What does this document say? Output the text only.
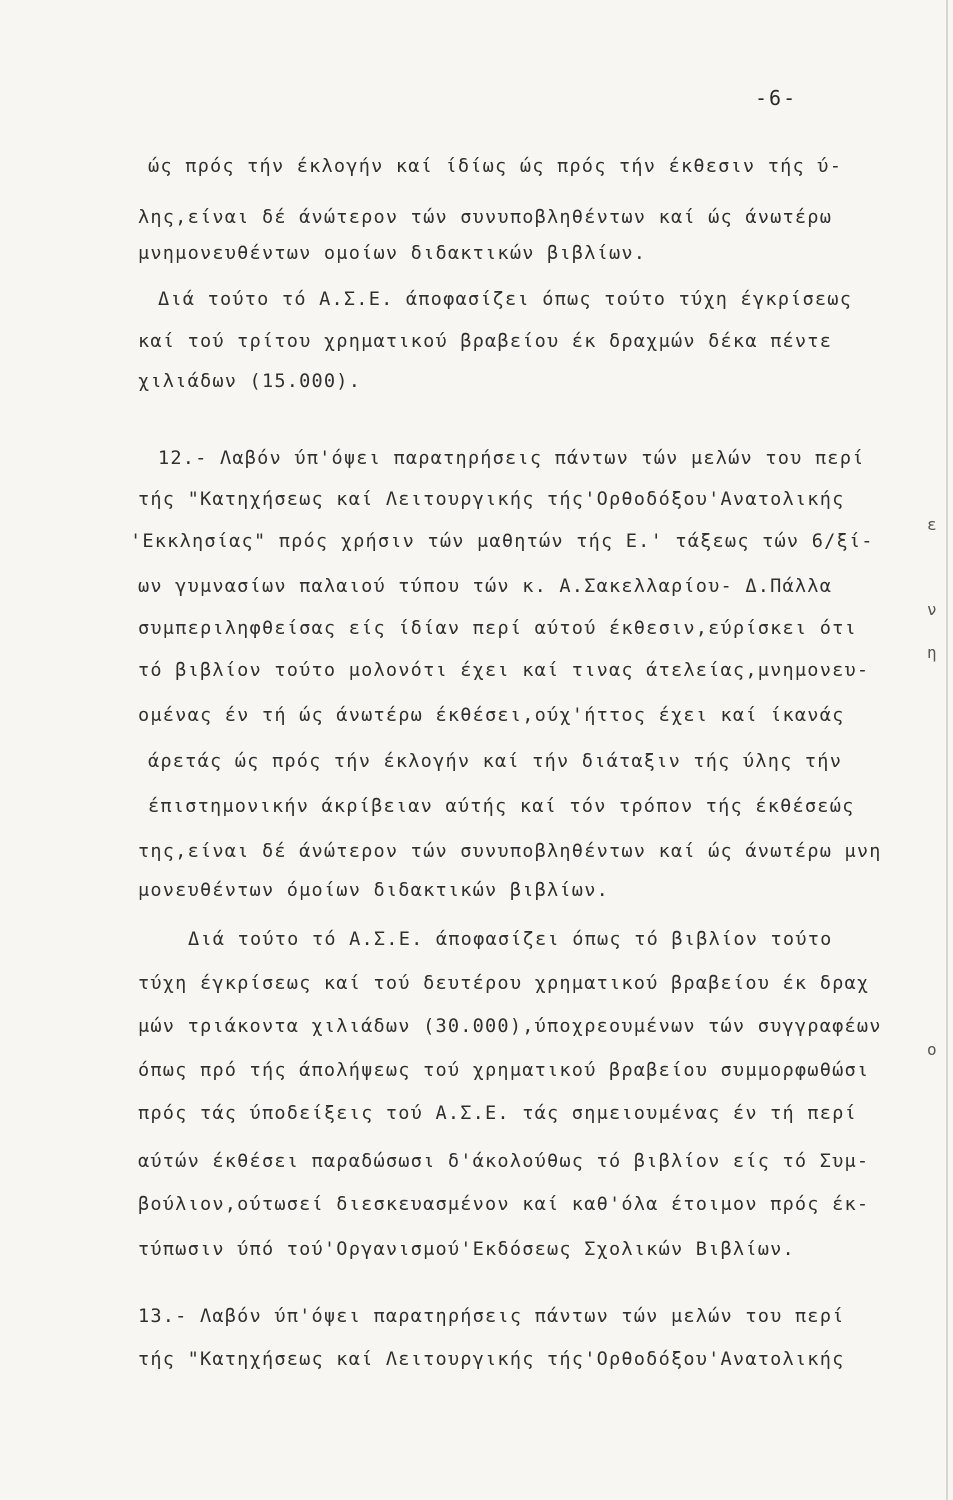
-6-
ώς πρός τήν έκλογήν καί ίδίως ώς πρός τήν έκθεσιν τής ύ-
λης,είναι δέ άνώτερον τών συνυποβληθέντων καί ώς άνωτέρω
μνημονευθέντων ομοίων διδακτικών βιβλίων.
Διά τούτο τό Α.Σ.Ε. άποφασίζει όπως τούτο τύχη έγκρίσεως
καί τού τρίτου χρηματικού βραβείου έκ δραχμών δέκα πέντε
χιλιάδων (15.000).
12.- Λαβόν ύπ'όψει παρατηρήσεις πάντων τών μελών του περί
τής "Κατηχήσεως καί Λειτουργικής τής'Ορθοδόξου'Ανατολικής
'Εκκλησίας" πρός χρήσιν τών μαθητών τής Ε.' τάξεως τών 6/ξί-
ων γυμνασίων παλαιού τύπου τών κ. Α.Σακελλαρίου- Δ.Πάλλα
συμπεριληφθείσας είς ίδίαν περί αύτού έκθεσιν,εύρίσκει ότι
τό βιβλίον τούτο μολονότι έχει καί τινας άτελείας,μνημονευ-
ομένας έν τή ώς άνωτέρω έκθέσει,ούχ'ήττος έχει καί ίκανάς
άρετάς ώς πρός τήν έκλογήν καί τήν διάταξιν τής ύλης τήν
έπιστημονικήν άκρίβειαν αύτής καί τόν τρόπον τής έκθέσεώς
της,είναι δέ άνώτερον τών συνυποβληθέντων καί ώς άνωτέρω μνη
μονευθέντων όμοίων διδακτικών βιβλίων.
Διά τούτο τό Α.Σ.Ε. άποφασίζει όπως τό βιβλίον τούτο
τύχη έγκρίσεως καί τού δευτέρου χρηματικού βραβείου έκ δραχ
μών τριάκοντα χιλιάδων (30.000),ύποχρεουμένων τών συγγραφέων
όπως πρό τής άπολήψεως τού χρηματικού βραβείου συμμορφωθώσι
πρός τάς ύποδείξεις τού Α.Σ.Ε. τάς σημειουμένας έν τή περί
αύτών έκθέσει παραδώσωσι δ'άκολούθως τό βιβλίον είς τό Συμ-
βούλιον,ούτωσεί διεσκευασμένον καί καθ'όλα έτοιμον πρός έκ-
τύπωσιν ύπό τού'Οργανισμού'Εκδόσεως Σχολικών Βιβλίων.
13.- Λαβόν ύπ'όψει παρατηρήσεις πάντων τών μελών του περί
τής "Κατηχήσεως καί Λειτουργικής τής'Ορθοδόξου'Ανατολικής
ε
ν
η
ο
